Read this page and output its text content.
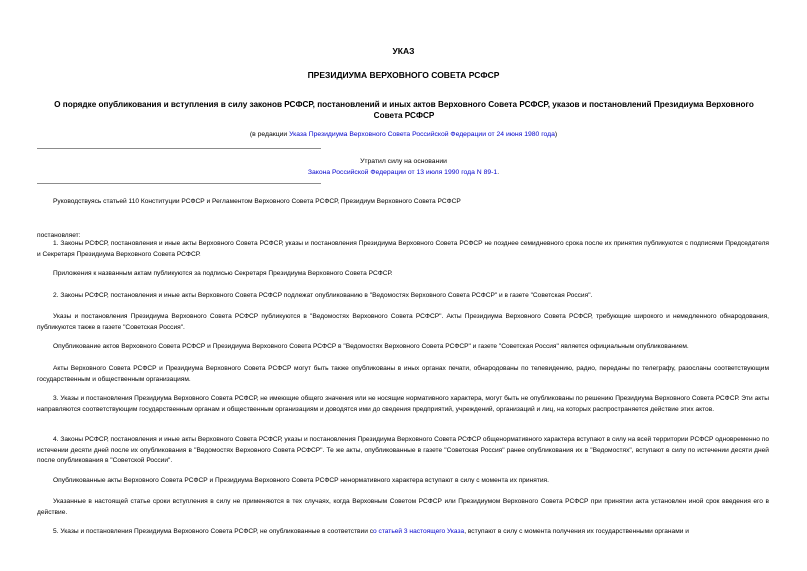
УКАЗ
ПРЕЗИДИУМА ВЕРХОВНОГО СОВЕТА РСФСР
О порядке опубликования и вступления в силу законов РСФСР, постановлений и иных актов Верховного Совета РСФСР, указов и постановлений Президиума Верховного Совета РСФСР
(в редакции Указа Президиума Верховного Совета Российской Федерации от 24 июня 1980 года)
Утратил силу на основании
Закона Российской Федерации от 13 июля 1990 года N 89-1.
Руководствуясь статьей 110 Конституции РСФСР и Регламентом Верховного Совета РСФСР, Президиум Верховного Совета РСФСР
постановляет:
1. Законы РСФСР, постановления и иные акты Верховного Совета РСФСР, указы и постановления Президиума Верховного Совета РСФСР не позднее семидневного срока после их принятия публикуются с подписями Председателя и Секретаря Президиума Верховного Совета РСФСР.
Приложения к названным актам публикуются за подписью Секретаря Президиума Верховного Совета РСФСР.
2. Законы РСФСР, постановления и иные акты Верховного Совета РСФСР подлежат опубликованию в "Ведомостях Верховного Совета РСФСР" и в газете "Советская Россия".
Указы и постановления Президиума Верховного Совета РСФСР публикуются в "Ведомостях Верховного Совета РСФСР". Акты Президиума Верховного Совета РСФСР, требующие широкого и немедленного обнародования, публикуются также в газете "Советская Россия".
Опубликование актов Верховного Совета РСФСР и Президиума Верховного Совета РСФСР в "Ведомостях Верховного Совета РСФСР" и газете "Советская Россия" является официальным опубликованием.
Акты Верховного Совета РСФСР и Президиума Верховного Совета РСФСР могут быть также опубликованы в иных органах печати, обнародованы по телевидению, радио, переданы по телеграфу, разосланы соответствующим государственным и общественным организациям.
3. Указы и постановления Президиума Верховного Совета РСФСР, не имеющие общего значения или не носящие нормативного характера, могут быть не опубликованы по решению Президиума Верховного Совета РСФСР. Эти акты направляются соответствующим государственным органам и общественным организациям и доводятся ими до сведения предприятий, учреждений, организаций и лиц, на которых распространяется действие этих актов.
4. Законы РСФСР, постановления и иные акты Верховного Совета РСФСР, указы и постановления Президиума Верховного Совета РСФСР общенормативного характера вступают в силу на всей территории РСФСР одновременно по истечении десяти дней после их опубликования в "Ведомостях Верховного Совета РСФСР". Те же акты, опубликованные в газете "Советская Россия" ранее опубликования их в "Ведомостях", вступают в силу по истечении десяти дней после опубликования в "Советской России".
Опубликованные акты Верховного Совета РСФСР и Президиума Верховного Совета РСФСР ненормативного характера вступают в силу с момента их принятия.
Указанные в настоящей статье сроки вступления в силу не применяются в тех случаях, когда Верховным Советом РСФСР или Президиумом Верховного Совета РСФСР при принятии акта установлен иной срок введения его в действие.
5. Указы и постановления Президиума Верховного Совета РСФСР, не опубликованные в соответствии со статьей 3 настоящего Указа, вступают в силу с момента получения их государственными органами и
